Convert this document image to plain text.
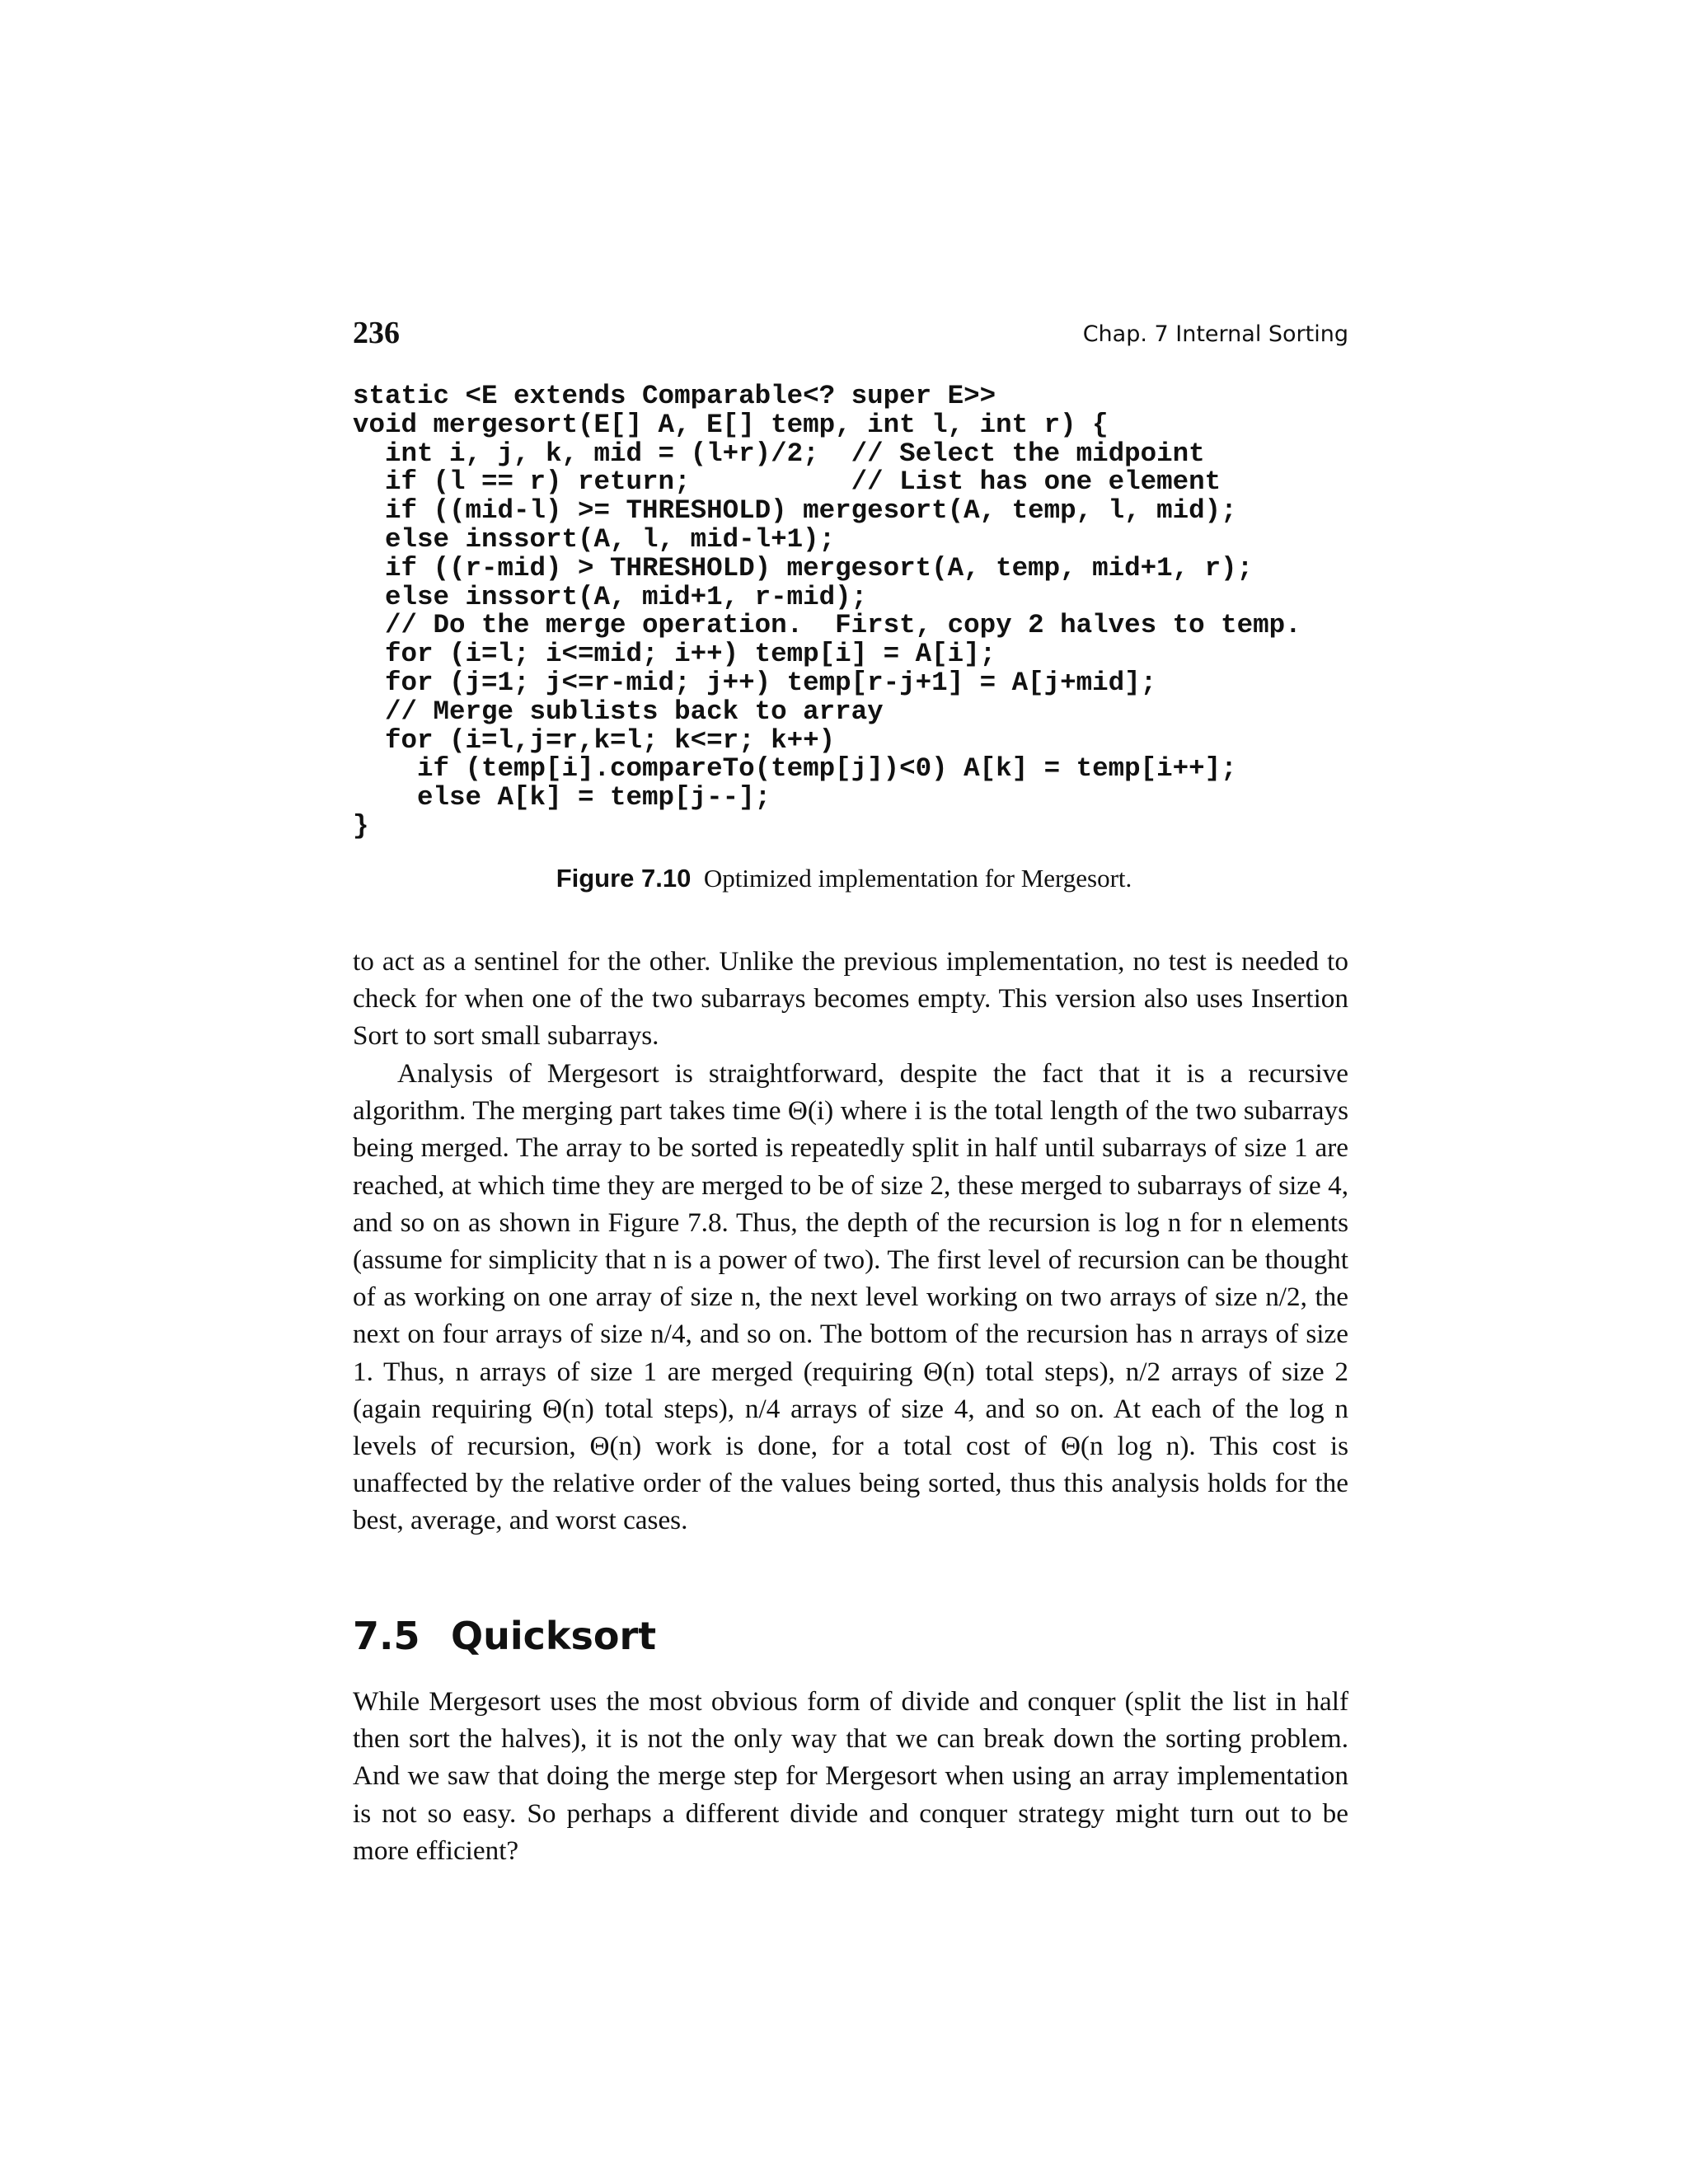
236	Chap. 7 Internal Sorting
static <E extends Comparable<? super E>>
void mergesort(E[] A, E[] temp, int l, int r) {
int i, j, k, mid = (l+r)/2;  // Select the midpoint
if (l == r) return;          // List has one element
if ((mid-l) >= THRESHOLD) mergesort(A, temp, l, mid);
else inssort(A, l, mid-l+1);
if ((r-mid) > THRESHOLD) mergesort(A, temp, mid+1, r);
else inssort(A, mid+1, r-mid);
// Do the merge operation.  First, copy 2 halves to temp.
for (i=l; i<=mid; i++) temp[i] = A[i];
for (j=1; j<=r-mid; j++) temp[r-j+1] = A[j+mid];
// Merge sublists back to array
for (i=l,j=r,k=l; k<=r; k++)
if (temp[i].compareTo(temp[j])<0) A[k] = temp[i++];
else A[k] = temp[j--];
}
Figure 7.10 Optimized implementation for Mergesort.

to act as a sentinel for the other. Unlike the previous implementation, no test is needed to check for when one of the two subarrays becomes empty. This version also uses Insertion Sort to sort small subarrays.

Analysis of Mergesort is straightforward, despite the fact that it is a recursive algorithm. The merging part takes time Θ(i) where i is the total length of the two subarrays being merged. The array to be sorted is repeatedly split in half until subarrays of size 1 are reached, at which time they are merged to be of size 2, these merged to subarrays of size 4, and so on as shown in Figure 7.8. Thus, the depth of the recursion is log n for n elements (assume for simplicity that n is a power of two). The first level of recursion can be thought of as working on one array of size n, the next level working on two arrays of size n/2, the next on four arrays of size n/4, and so on. The bottom of the recursion has n arrays of size 1. Thus, n arrays of size 1 are merged (requiring Θ(n) total steps), n/2 arrays of size 2 (again requiring Θ(n) total steps), n/4 arrays of size 4, and so on. At each of the log n levels of recursion, Θ(n) work is done, for a total cost of Θ(n log n). This cost is unaffected by the relative order of the values being sorted, thus this analysis holds for the best, average, and worst cases.

7.5 Quicksort

While Mergesort uses the most obvious form of divide and conquer (split the list in half then sort the halves), it is not the only way that we can break down the sorting problem. And we saw that doing the merge step for Mergesort when using an array implementation is not so easy. So perhaps a different divide and conquer strategy might turn out to be more efficient?
